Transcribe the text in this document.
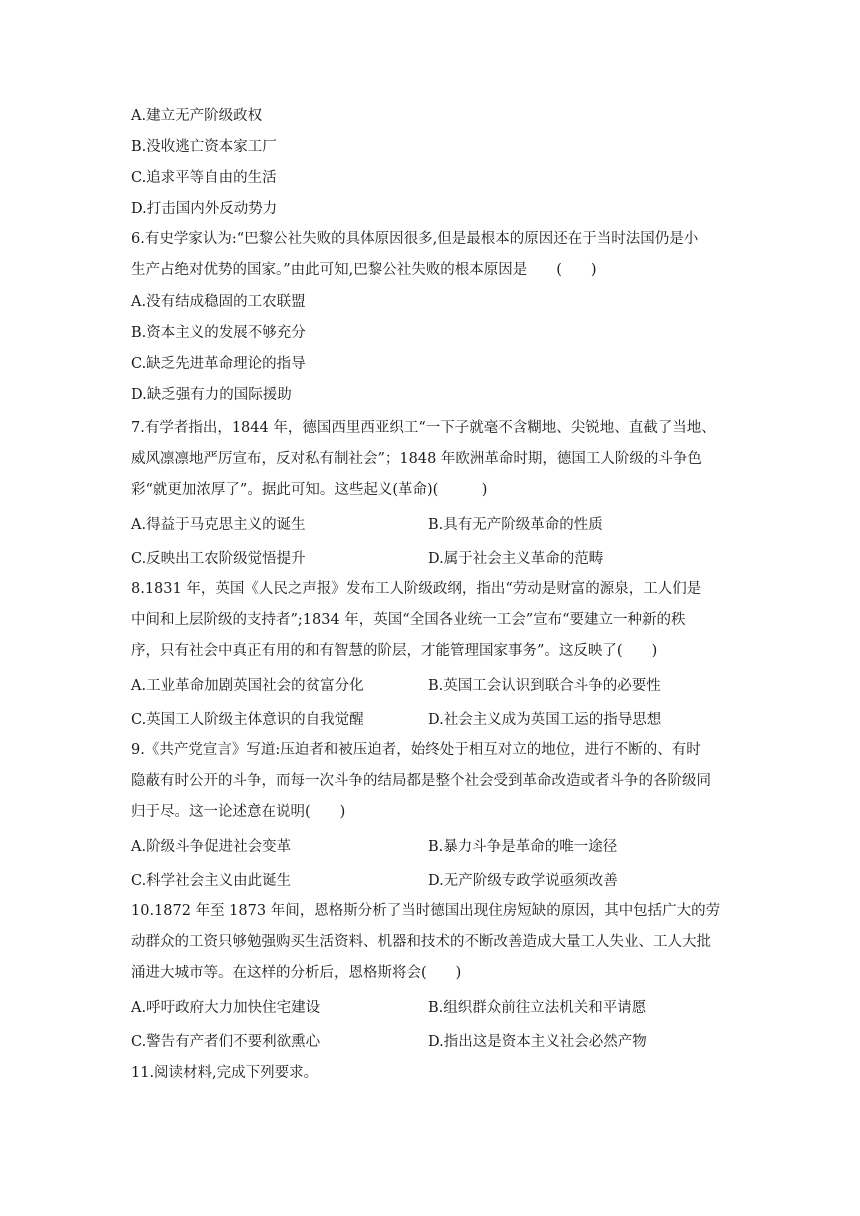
A.建立无产阶级政权
B.没收逃亡资本家工厂
C.追求平等自由的生活
D.打击国内外反动势力
6.有史学家认为:“巴黎公社失败的具体原因很多,但是最根本的原因还在于当时法国仍是小
生产占绝对优势的国家。”由此可知,巴黎公社失败的根本原因是　　(　　)
A.没有结成稳固的工农联盟
B.资本主义的发展不够充分
C.缺乏先进革命理论的指导
D.缺乏强有力的国际援助
7.有学者指出，1844 年，德国西里西亚织工“一下子就毫不含糊地、尖锐地、直截了当地、
威风凛凛地严厉宣布，反对私有制社会”；1848 年欧洲革命时期，德国工人阶级的斗争色
彩“就更加浓厚了”。据此可知。这些起义(革命)(　　　)
A.得益于马克思主义的诞生	B.具有无产阶级革命的性质
C.反映出工农阶级觉悟提升	D.属于社会主义革命的范畴
8.1831 年，英国《人民之声报》发布工人阶级政纲，指出“劳动是财富的源泉，工人们是
中间和上层阶级的支持者”;1834 年，英国“全国各业统一工会”宣布“要建立一种新的秩
序，只有社会中真正有用的和有智慧的阶层，才能管理国家事务”。这反映了(　　)
A.工业革命加剧英国社会的贫富分化	B.英国工会认识到联合斗争的必要性
C.英国工人阶级主体意识的自我觉醒	D.社会主义成为英国工运的指导思想
9.《共产党宣言》写道:压迫者和被压迫者，始终处于相互对立的地位，进行不断的、有时
隐蔽有时公开的斗争，而每一次斗争的结局都是整个社会受到革命改造或者斗争的各阶级同
归于尽。这一论述意在说明(　　)
A.阶级斗争促进社会变革	B.暴力斗争是革命的唯一途径
C.科学社会主义由此诞生	D.无产阶级专政学说亟须改善
10.1872 年至 1873 年间，恩格斯分析了当时德国出现住房短缺的原因，其中包括广大的劳
动群众的工资只够勉强购买生活资料、机器和技术的不断改善造成大量工人失业、工人大批
涌进大城市等。在这样的分析后，恩格斯将会(　　)
A.呼吁政府大力加快住宅建设	B.组织群众前往立法机关和平请愿
C.警告有产者们不要利欲熏心	D.指出这是资本主义社会必然产物
11.阅读材料,完成下列要求。
